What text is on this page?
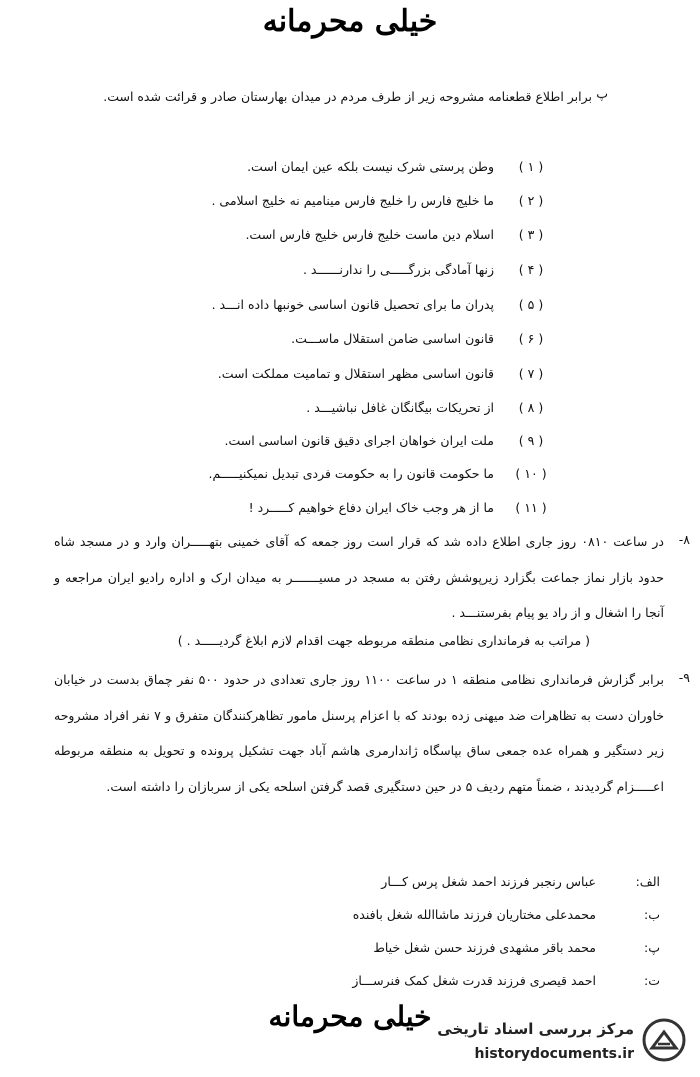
خیلی محرمانه
پ
برابر اطلاع قطعنامه مشروحه زیر از طرف مردم در میدان بهارستان صادر و قرائت شده است.
( ۱ )
وطن پرستی شرک نیست بلکه عین ایمان است.
( ۲ )
ما خلیج فارس را خلیج فارس مینامیم نه خلیج اسلامی .
( ۳ )
اسلام دین ماست خلیج فارس خلیج فارس است.
( ۴ )
زنها آمادگی بزرگـــــی را ندارنــــــد .
( ۵ )
پدران ما برای تحصیل قانون اساسی خونبها داده انـــد .
( ۶ )
قانون اساسی ضامن استقلال ماســـت.
( ۷ )
قانون اساسی مظهر استقلال و تمامیت مملکت است.
( ۸ )
از تحریکات بیگانگان غافل نباشیـــد .
( ۹ )
ملت ایران خواهان اجرای دقیق قانون اساسی است.
( ۱۰ )
ما حکومت قانون را به حکومت فردی تبدیل نمیکنیـــــم.
( ۱۱ )
ما از هر وجب خاک ایران دفاع خواهیم کـــــرد !
۸-
در ساعت ۰۸۱۰ روز جاری اطلاع داده شد که قرار است روز جمعه که آقای خمینی بتهـــــران وارد و در مسجد شاه حدود بازار نماز جماعت بگزارد زیرپوشش رفتن به مسجد در مسیـــــــر به میدان ارک و اداره رادیو ایران مراجعه و آنجا را اشغال و از راد یو پیام بفرستنـــد .
( مراتب به فرمانداری نظامی منطقه مربوطه جهت اقدام لازم ابلاغ گردیـــــد . )
۹-
برابر گزارش فرمانداری نظامی منطقه ۱ در ساعت ۱۱۰۰ روز جاری تعدادی در حدود ۵۰۰ نفر چماق بدست در خیابان خاوران دست به تظاهرات ضد میهنی زده بودند که با اعزام پرسنل مامور تظاهرکنندگان متفرق و ۷ نفر افراد مشروحه زیر دستگیر و همراه عده جمعی ساق بپاسگاه ژاندارمری هاشم آباد جهت تشکیل پرونده و تحویل به منطقه مربوطه اعـــــزام گردیدند ، ضمناً متهم ردیف ۵ در حین دستگیری قصد گرفتن اسلحه یکی از سربازان را داشته است.
الف:
عباس رنجبر فرزند احمد شغل پرس کـــار
ب:
محمدعلی مختاریان فرزند ماشاالله شغل بافنده
پ:
محمد باقر مشهدی فرزند حسن شغل خیاط
ت:
احمد قیصری فرزند قدرت شغل کمک فنرســـاز
خیلی محرمانه مرکز بررسی اسناد تاریخی
historydocuments.ir
